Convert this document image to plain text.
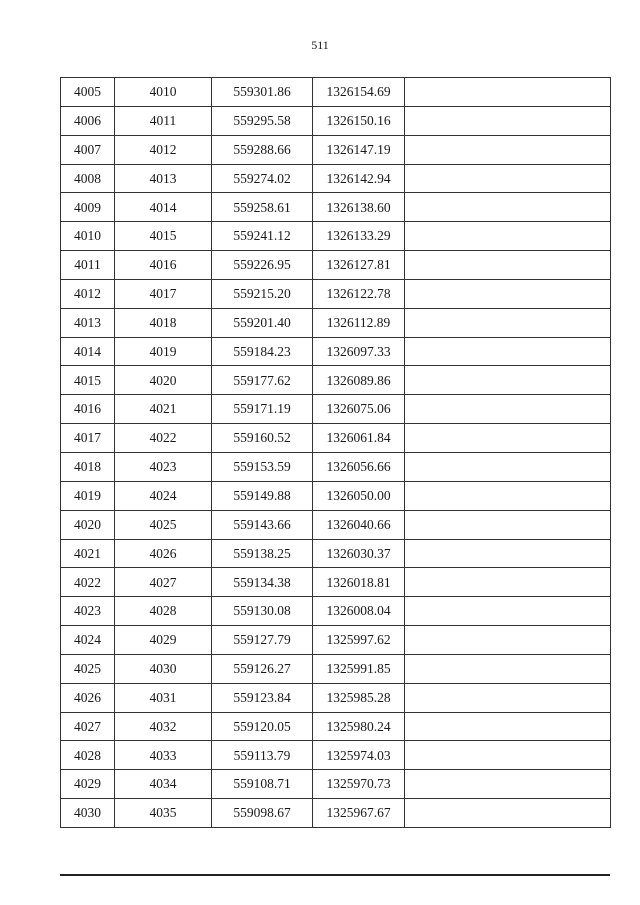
511
4005	4010	559301.86	1326154.69	
4006	4011	559295.58	1326150.16	
4007	4012	559288.66	1326147.19	
4008	4013	559274.02	1326142.94	
4009	4014	559258.61	1326138.60	
4010	4015	559241.12	1326133.29	
4011	4016	559226.95	1326127.81	
4012	4017	559215.20	1326122.78	
4013	4018	559201.40	1326112.89	
4014	4019	559184.23	1326097.33	
4015	4020	559177.62	1326089.86	
4016	4021	559171.19	1326075.06	
4017	4022	559160.52	1326061.84	
4018	4023	559153.59	1326056.66	
4019	4024	559149.88	1326050.00	
4020	4025	559143.66	1326040.66	
4021	4026	559138.25	1326030.37	
4022	4027	559134.38	1326018.81	
4023	4028	559130.08	1326008.04	
4024	4029	559127.79	1325997.62	
4025	4030	559126.27	1325991.85	
4026	4031	559123.84	1325985.28	
4027	4032	559120.05	1325980.24	
4028	4033	559113.79	1325974.03	
4029	4034	559108.71	1325970.73	
4030	4035	559098.67	1325967.67	
